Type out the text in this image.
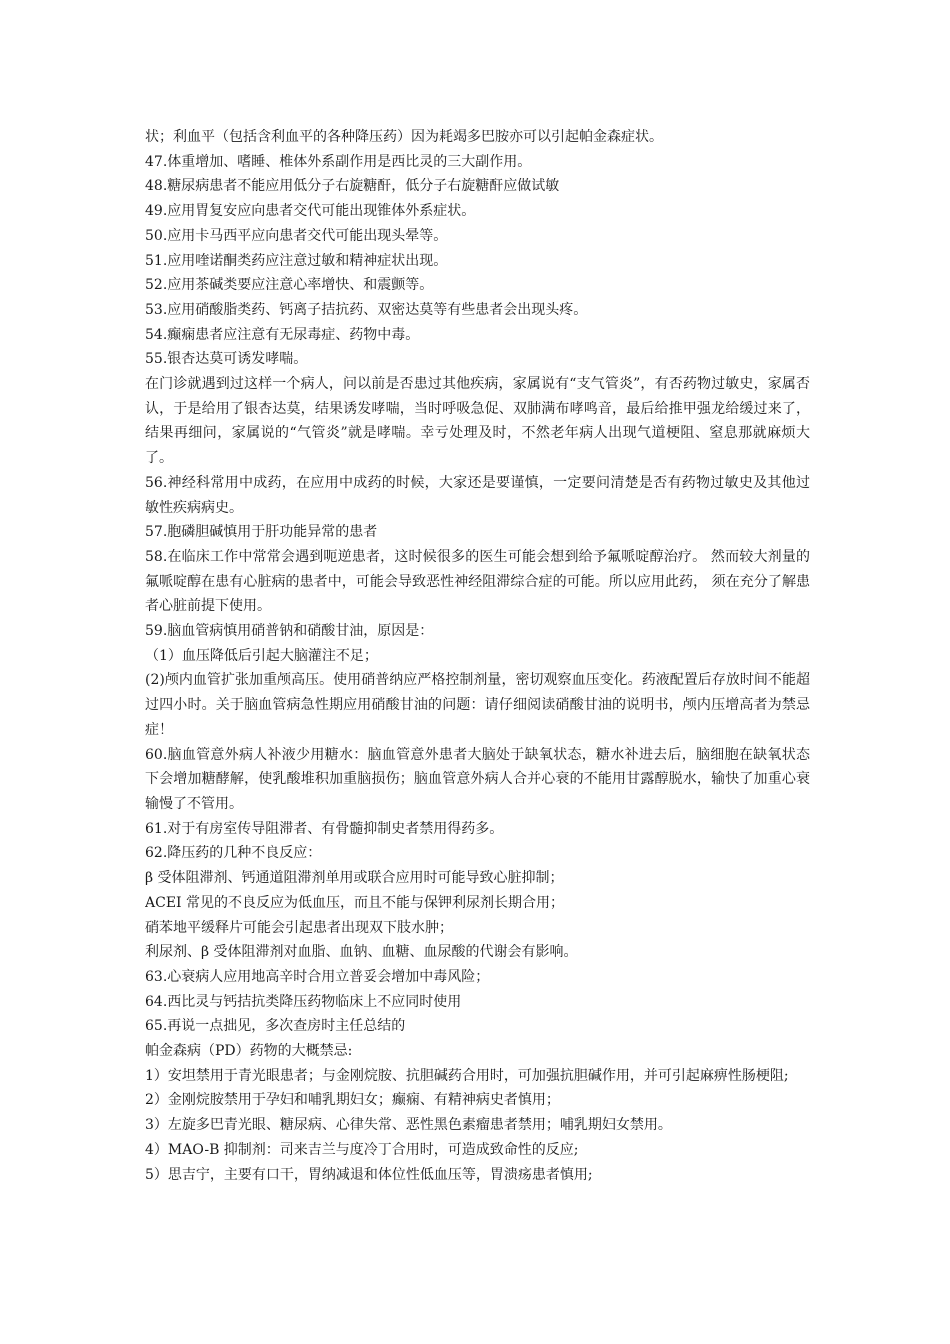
状；利血平（包括含利血平的各种降压药）因为耗竭多巴胺亦可以引起帕金森症状。
47.体重增加、嗜睡、椎体外系副作用是西比灵的三大副作用。
48.糖尿病患者不能应用低分子右旋糖酐，低分子右旋糖酐应做试敏
49.应用胃复安应向患者交代可能出现锥体外系症状。
50.应用卡马西平应向患者交代可能出现头晕等。
51.应用喹诺酮类药应注意过敏和精神症状出现。
52.应用茶碱类要应注意心率增快、和震颤等。
53.应用硝酸脂类药、钙离子拮抗药、双密达莫等有些患者会出现头疼。
54.癫痫患者应注意有无尿毒症、药物中毒。
55.银杏达莫可诱发哮喘。
在门诊就遇到过这样一个病人，问以前是否患过其他疾病，家属说有“支气管炎”，有否药物过敏史，家属否认，于是给用了银杏达莫，结果诱发哮喘，当时呼吸急促、双肺满布哮鸣音，最后给推甲强龙给缓过来了，结果再细问，家属说的“气管炎”就是哮喘。幸亏处理及时，不然老年病人出现气道梗阻、窒息那就麻烦大了。
56.神经科常用中成药，在应用中成药的时候，大家还是要谨慎，一定要问清楚是否有药物过敏史及其他过敏性疾病病史。
57.胞磷胆碱慎用于肝功能异常的患者
58.在临床工作中常常会遇到呃逆患者，这时候很多的医生可能会想到给予氟哌啶醇治疗。 然而较大剂量的氟哌啶醇在患有心脏病的患者中，可能会导致恶性神经阻滞综合症的可能。所以应用此药， 须在充分了解患者心脏前提下使用。
59.脑血管病慎用硝普钠和硝酸甘油，原因是：
（1）血压降低后引起大脑灌注不足；
(2)颅内血管扩张加重颅高压。使用硝普纳应严格控制剂量，密切观察血压变化。药液配置后存放时间不能超过四小时。关于脑血管病急性期应用硝酸甘油的问题：请仔细阅读硝酸甘油的说明书，颅内压增高者为禁忌症！
60.脑血管意外病人补液少用糖水：脑血管意外患者大脑处于缺氧状态，糖水补进去后，脑细胞在缺氧状态下会增加糖酵解，使乳酸堆积加重脑损伤；脑血管意外病人合并心衰的不能用甘露醇脱水，输快了加重心衰输慢了不管用。
61.对于有房室传导阻滞者、有骨髓抑制史者禁用得药多。
62.降压药的几种不良反应：
β 受体阻滞剂、钙通道阻滞剂单用或联合应用时可能导致心脏抑制；
ACEI 常见的不良反应为低血压，而且不能与保钾利尿剂长期合用；
硝苯地平缓释片可能会引起患者出现双下肢水肿；
利尿剂、β 受体阻滞剂对血脂、血钠、血糖、血尿酸的代谢会有影响。
63.心衰病人应用地高辛时合用立普妥会增加中毒风险；
64.西比灵与钙拮抗类降压药物临床上不应同时使用
65.再说一点拙见，多次查房时主任总结的
帕金森病（PD）药物的大概禁忌:
1）安坦禁用于青光眼患者；与金刚烷胺、抗胆碱药合用时，可加强抗胆碱作用，并可引起麻痹性肠梗阻;
2）金刚烷胺禁用于孕妇和哺乳期妇女；癫痫、有精神病史者慎用；
3）左旋多巴青光眼、糖尿病、心律失常、恶性黑色素瘤患者禁用；哺乳期妇女禁用。
4）MAO-B 抑制剂：司来吉兰与度冷丁合用时，可造成致命性的反应;
5）思吉宁，主要有口干，胃纳减退和体位性低血压等，胃溃疡患者慎用;
